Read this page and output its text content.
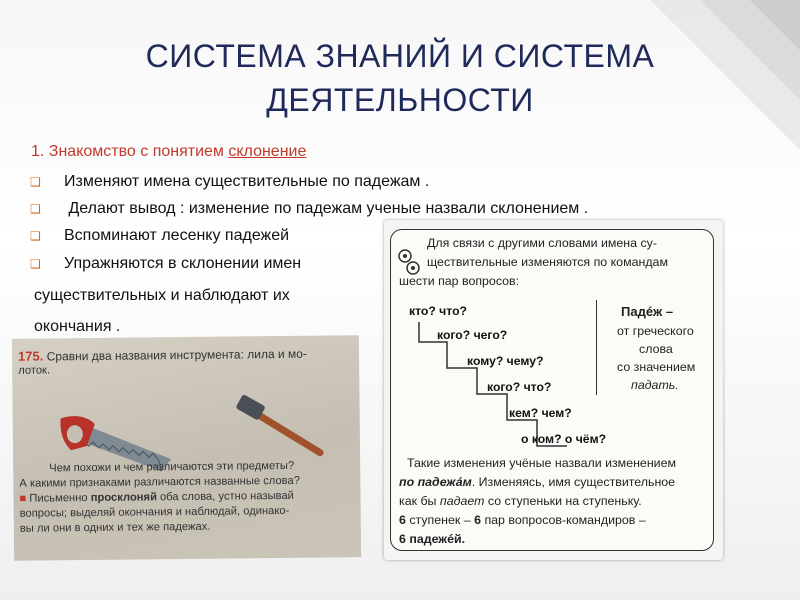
СИСТЕМА ЗНАНИЙ И СИСТЕМА
ДЕЯТЕЛЬНОСТИ
1. Знакомство с понятием склонение
❑ Изменяют имена существительные по падежам .
❑ Делают вывод : изменение по падежам ученые назвали склонением .
❑ Вспоминают лесенку падежей
❑ Упражняются в склонении имен
существительных и наблюдают их
окончания .
175. Сравни два названия инструмента: лила и мо-
лоток.
Чем похожи и чем различаются эти предметы?
А какими признаками различаются названные слова?
■ Письменно просклоняй оба слова, устно называй
вопросы; выделяй окончания и наблюдай, одинако-
вы ли они в одних и тех же падежах.
Для связи с другими словами имена су-
ществительные изменяются по командам
шести пар вопросов:
кто? что?
кого? чего?
кому? чему?
кого? что?
кем? чем?
о ком? о чём?
Падéж –
от греческого
слова
со значением
падать.
Такие изменения учёные назвали изменением
по падежа́м. Изменяясь, имя существительное
как бы падает со ступеньки на ступеньку.
6 ступенек – 6 пар вопросов-командиров –
6 падежéй.
